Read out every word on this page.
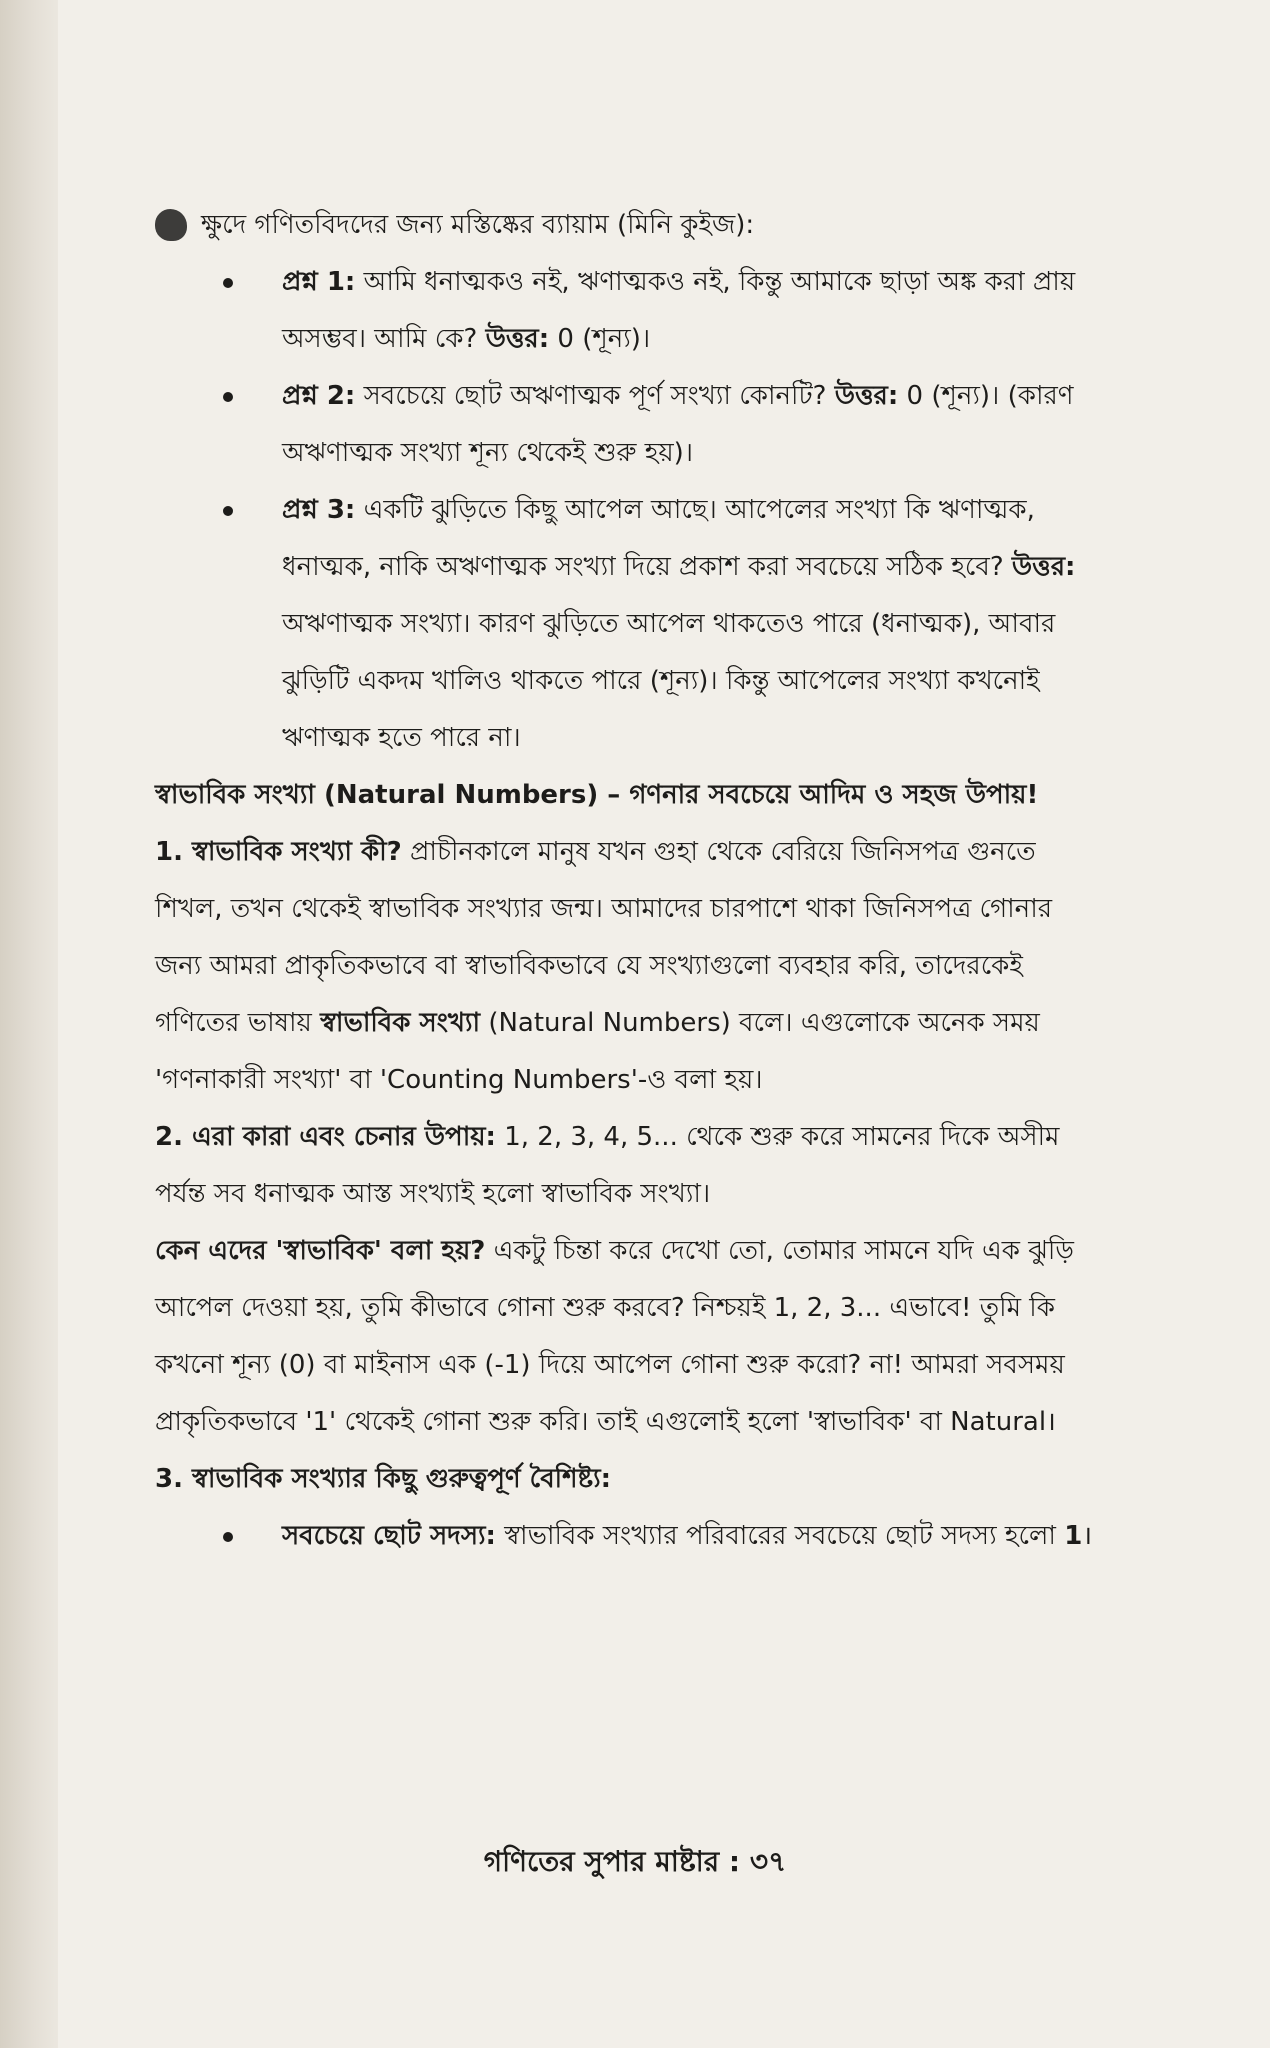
ক্ষুদে গণিতবিদদের জন্য মস্তিষ্কের ব্যায়াম (মিনি কুইজ):
প্রশ্ন 1: আমি ধনাত্মকও নই, ঋণাত্মকও নই, কিন্তু আমাকে ছাড়া অঙ্ক করা প্রায় অসম্ভব। আমি কে? উত্তর: 0 (শূন্য)।
প্রশ্ন 2: সবচেয়ে ছোট অঋণাত্মক পূর্ণ সংখ্যা কোনটি? উত্তর: 0 (শূন্য)। (কারণ অঋণাত্মক সংখ্যা শূন্য থেকেই শুরু হয়)।
প্রশ্ন 3: একটি ঝুড়িতে কিছু আপেল আছে। আপেলের সংখ্যা কি ঋণাত্মক, ধনাত্মক, নাকি অঋণাত্মক সংখ্যা দিয়ে প্রকাশ করা সবচেয়ে সঠিক হবে? উত্তর: অঋণাত্মক সংখ্যা। কারণ ঝুড়িতে আপেল থাকতেও পারে (ধনাত্মক), আবার ঝুড়িটি একদম খালিও থাকতে পারে (শূন্য)। কিন্তু আপেলের সংখ্যা কখনোই ঋণাত্মক হতে পারে না।

স্বাভাবিক সংখ্যা (Natural Numbers) – গণনার সবচেয়ে আদিম ও সহজ উপায়!

1. স্বাভাবিক সংখ্যা কী? প্রাচীনকালে মানুষ যখন গুহা থেকে বেরিয়ে জিনিসপত্র গুনতে শিখল, তখন থেকেই স্বাভাবিক সংখ্যার জন্ম। আমাদের চারপাশে থাকা জিনিসপত্র গোনার জন্য আমরা প্রাকৃতিকভাবে বা স্বাভাবিকভাবে যে সংখ্যাগুলো ব্যবহার করি, তাদেরকেই গণিতের ভাষায় স্বাভাবিক সংখ্যা (Natural Numbers) বলে। এগুলোকে অনেক সময় 'গণনাকারী সংখ্যা' বা 'Counting Numbers'-ও বলা হয়।

2. এরা কারা এবং চেনার উপায়: 1, 2, 3, 4, 5... থেকে শুরু করে সামনের দিকে অসীম পর্যন্ত সব ধনাত্মক আস্ত সংখ্যাই হলো স্বাভাবিক সংখ্যা।

কেন এদের 'স্বাভাবিক' বলা হয়? একটু চিন্তা করে দেখো তো, তোমার সামনে যদি এক ঝুড়ি আপেল দেওয়া হয়, তুমি কীভাবে গোনা শুরু করবে? নিশ্চয়ই 1, 2, 3... এভাবে! তুমি কি কখনো শূন্য (0) বা মাইনাস এক (-1) দিয়ে আপেল গোনা শুরু করো? না! আমরা সবসময় প্রাকৃতিকভাবে '1' থেকেই গোনা শুরু করি। তাই এগুলোই হলো 'স্বাভাবিক' বা Natural।

3. স্বাভাবিক সংখ্যার কিছু গুরুত্বপূর্ণ বৈশিষ্ট্য:

সবচেয়ে ছোট সদস্য: স্বাভাবিক সংখ্যার পরিবারের সবচেয়ে ছোট সদস্য হলো 1।
গণিতের সুপার মাষ্টার : ৩৭
